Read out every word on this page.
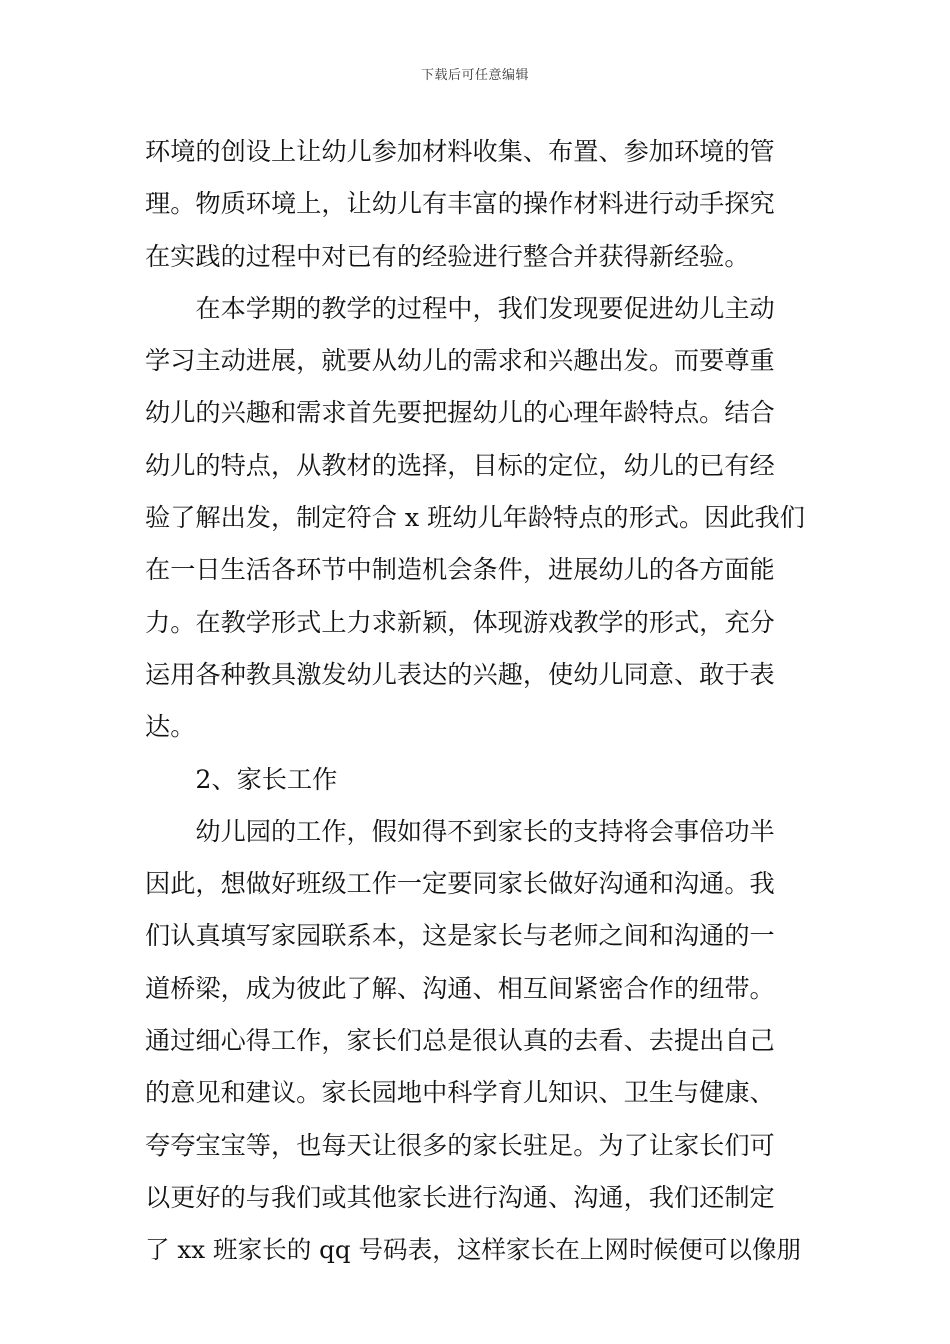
下载后可任意编辑
环境的创设上让幼儿参加材料收集、布置、参加环境的管
理。物质环境上，让幼儿有丰富的操作材料进行动手探究
在实践的过程中对已有的经验进行整合并获得新经验。
　　在本学期的教学的过程中，我们发现要促进幼儿主动
学习主动进展，就要从幼儿的需求和兴趣出发。而要尊重
幼儿的兴趣和需求首先要把握幼儿的心理年龄特点。结合
幼儿的特点，从教材的选择，目标的定位，幼儿的已有经
验了解出发，制定符合 x 班幼儿年龄特点的形式。因此我们
在一日生活各环节中制造机会条件，进展幼儿的各方面能
力。在教学形式上力求新颖，体现游戏教学的形式，充分
运用各种教具激发幼儿表达的兴趣，使幼儿同意、敢于表
达。
　　2、家长工作
　　幼儿园的工作，假如得不到家长的支持将会事倍功半
因此，想做好班级工作一定要同家长做好沟通和沟通。我
们认真填写家园联系本，这是家长与老师之间和沟通的一
道桥梁，成为彼此了解、沟通、相互间紧密合作的纽带。
通过细心得工作，家长们总是很认真的去看、去提出自己
的意见和建议。家长园地中科学育儿知识、卫生与健康、
夸夸宝宝等，也每天让很多的家长驻足。为了让家长们可
以更好的与我们或其他家长进行沟通、沟通，我们还制定
了 xx 班家长的 qq 号码表，这样家长在上网时候便可以像朋
